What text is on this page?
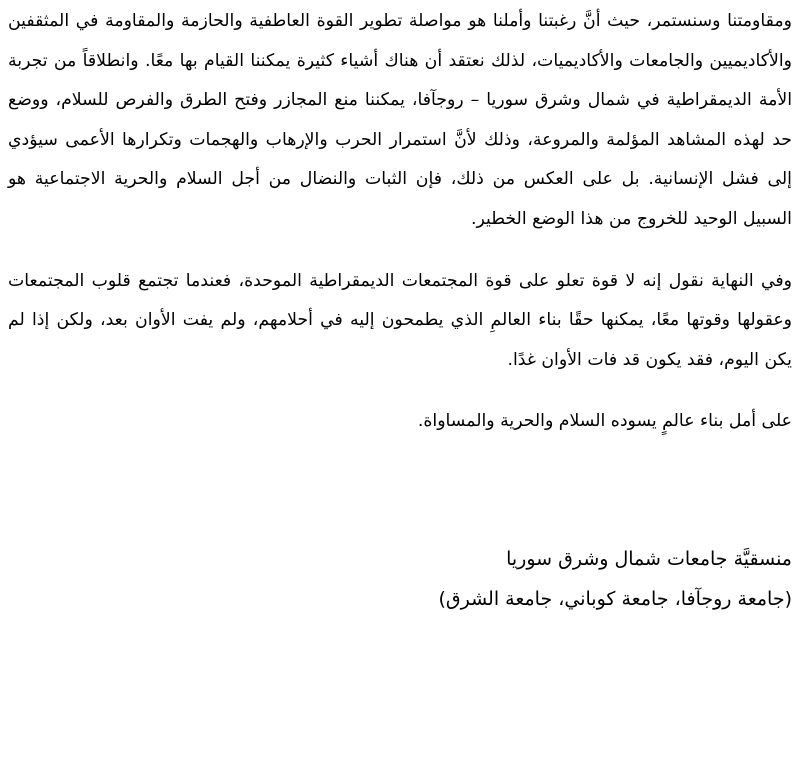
ومقاومتنا وسنستمر، حيث أنَّ رغبتنا وأملنا هو مواصلة تطوير القوة العاطفية والحازمة والمقاومة في المثقفين والأكاديميين والجامعات والأكاديميات، لذلك نعتقد أن هناك أشياء كثيرة يمكننا القيام بها معًا. وانطلاقاً من تجربة الأمة الديمقراطية في شمال وشرق سوريا – روجآفا، يمكننا منع المجازر وفتح الطرق والفرص للسلام، ووضع حد لهذه المشاهد المؤلمة والمروعة، وذلك لأنَّ استمرار الحرب والإرهاب والهجمات وتكرارها الأعمى سيؤدي إلى فشل الإنسانية. بل على العكس من ذلك، فإن الثبات والنضال من أجل السلام والحرية الاجتماعية هو السبيل الوحيد للخروج من هذا الوضع الخطير.

وفي النهاية نقول إنه لا قوة تعلو على قوة المجتمعات الديمقراطية الموحدة، فعندما تجتمع قلوب المجتمعات وعقولها وقوتها معًا، يمكنها حقًا بناء العالمِ الذي يطمحون إليه في أحلامهم، ولم يفت الأوان بعد، ولكن إذا لم يكن اليوم، فقد يكون قد فات الأوان غدًا.

على أمل بناء عالمٍ يسوده السلام والحرية والمساواة.

منسقيَّة جامعات شمال وشرق سوريا

(جامعة روجآفا، جامعة كوباني، جامعة الشرق)
